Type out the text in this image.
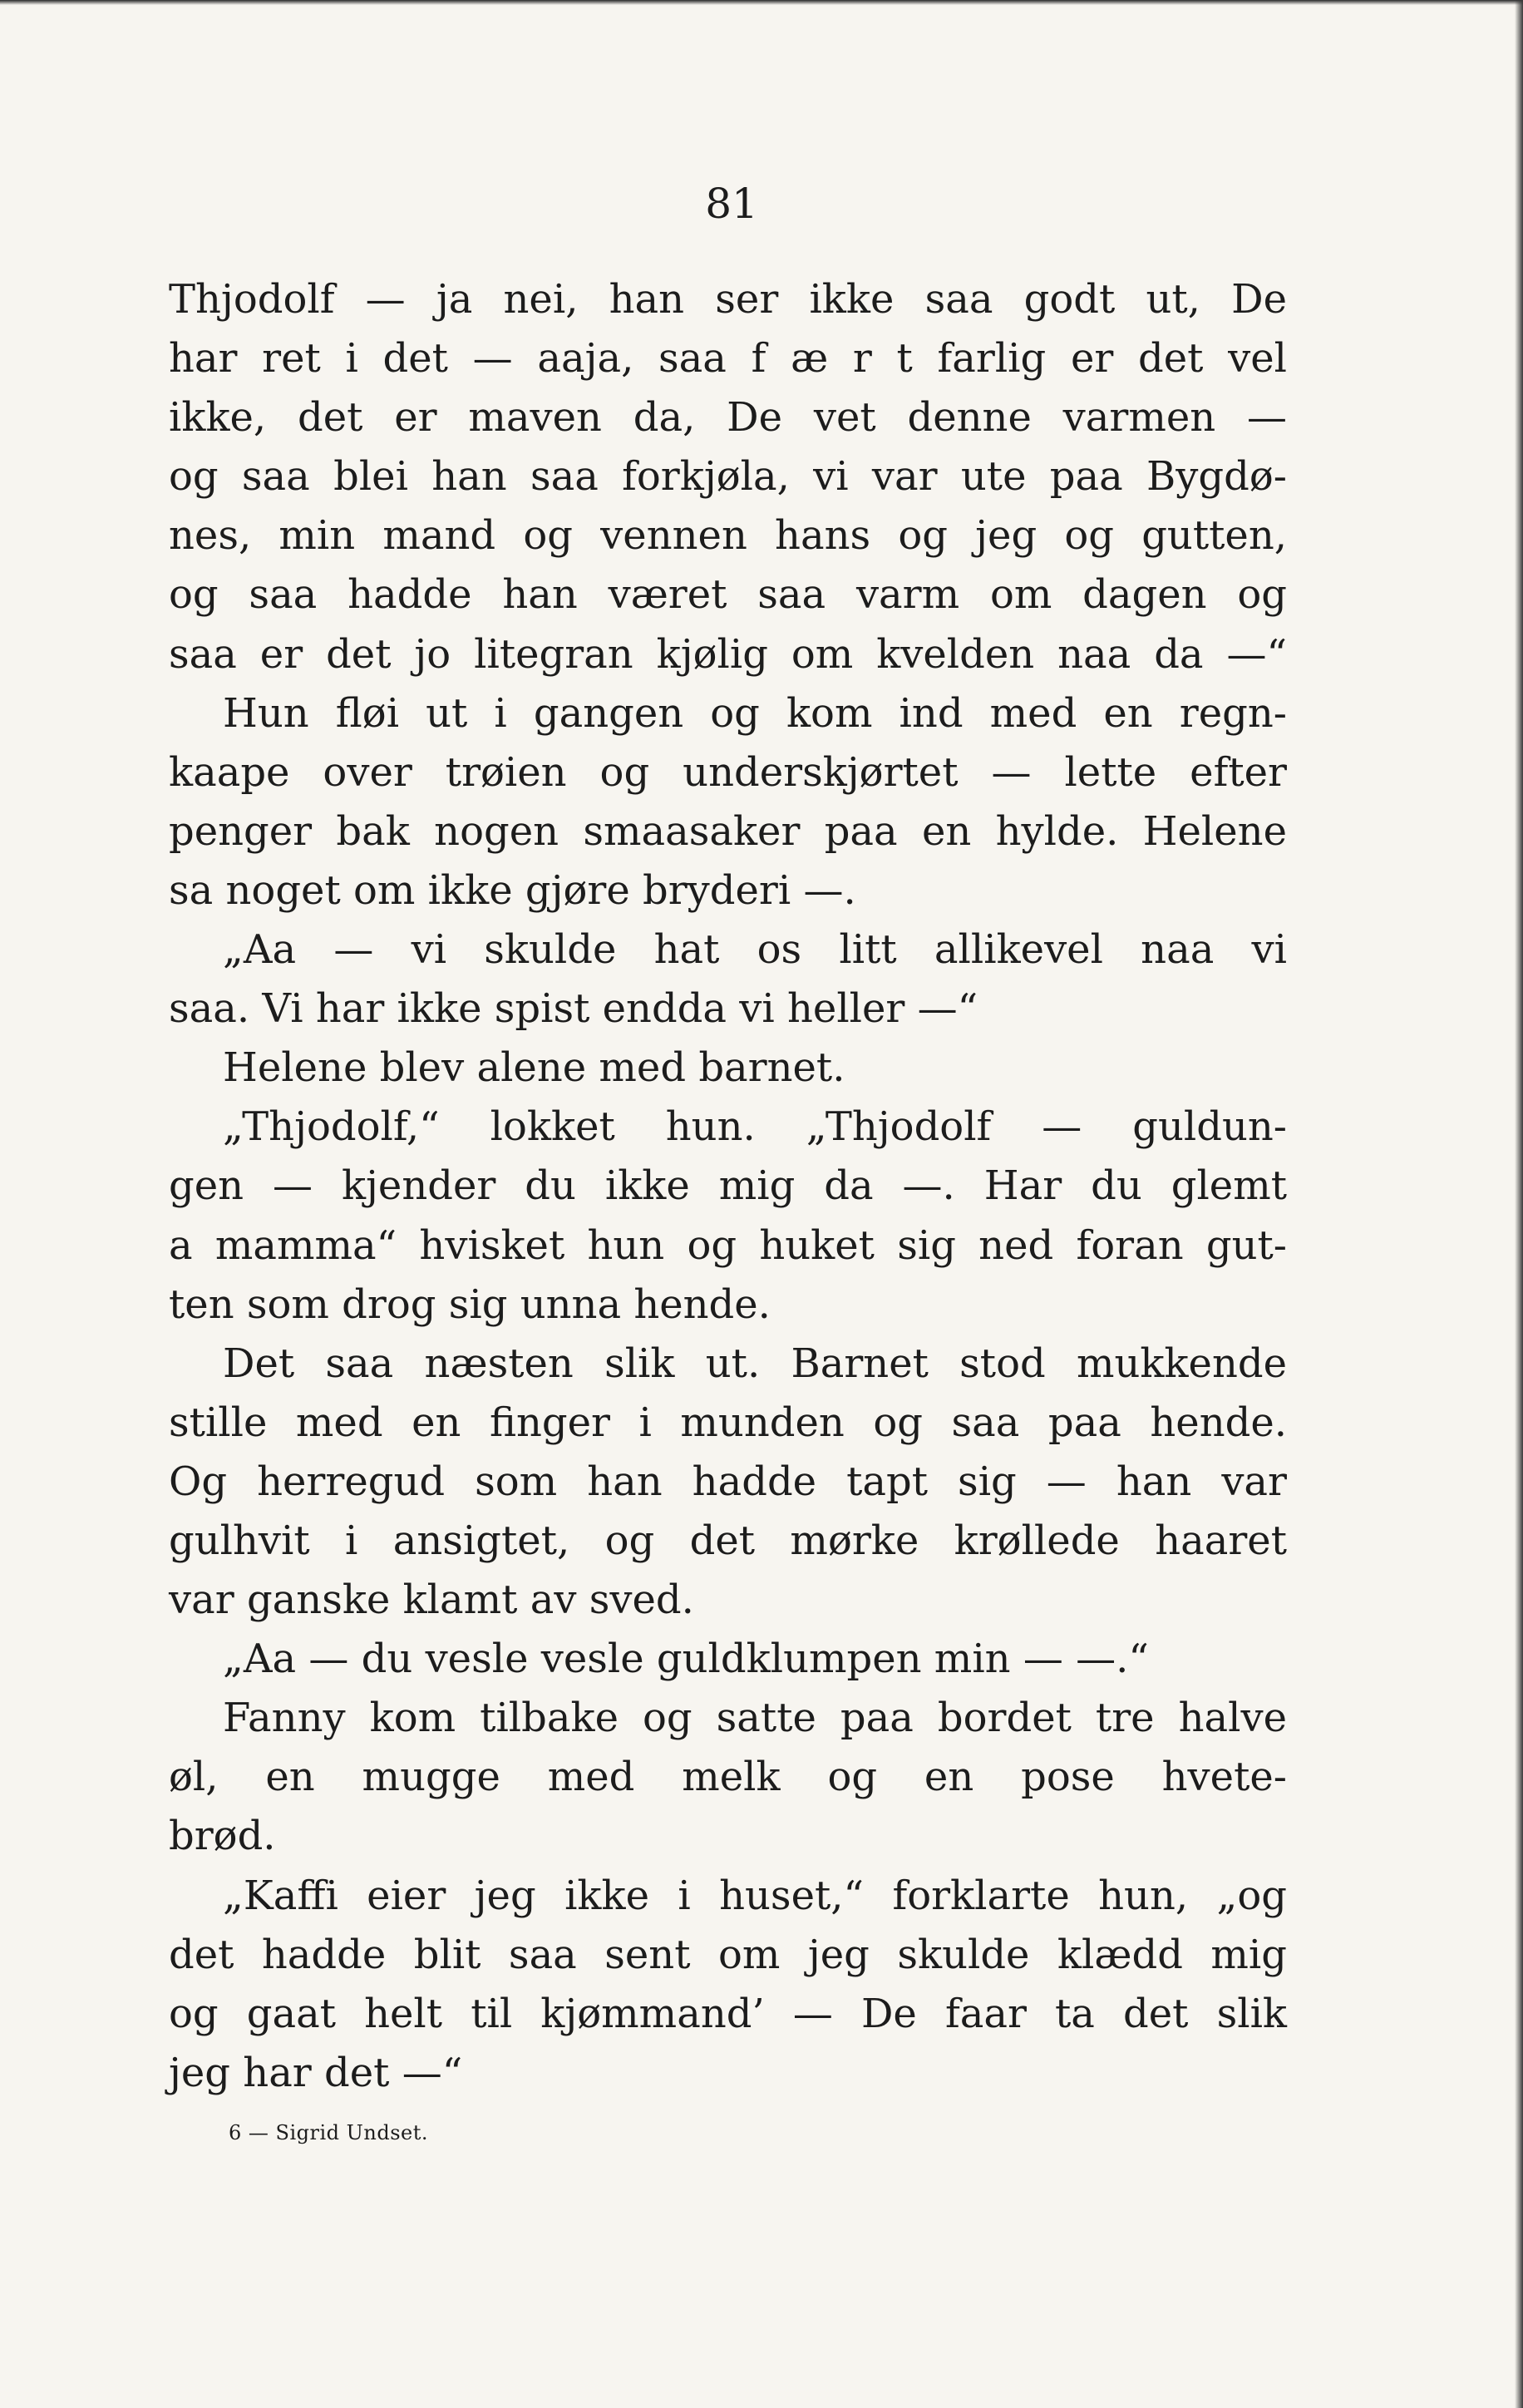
81
Thjodolf — ja nei, han ser ikke saa godt ut, De
har ret i det — aaja, saa f æ r t farlig er det vel
ikke, det er maven da, De vet denne varmen —
og saa blei han saa forkjøla, vi var ute paa Bygdø-
nes, min mand og vennen hans og jeg og gutten,
og saa hadde han været saa varm om dagen og
saa er det jo litegran kjølig om kvelden naa da —“
Hun fløi ut i gangen og kom ind med en regn-
kaape over trøien og underskjørtet — lette efter
penger bak nogen smaasaker paa en hylde. Helene
sa noget om ikke gjøre bryderi —.
„Aa — vi skulde hat os litt allikevel naa vi
saa. Vi har ikke spist endda vi heller —“
Helene blev alene med barnet.
„Thjodolf,“ lokket hun. „Thjodolf — guldun-
gen — kjender du ikke mig da —. Har du glemt
a mamma“ hvisket hun og huket sig ned foran gut-
ten som drog sig unna hende.
Det saa næsten slik ut. Barnet stod mukkende
stille med en finger i munden og saa paa hende.
Og herregud som han hadde tapt sig — han var
gulhvit i ansigtet, og det mørke krøllede haaret
var ganske klamt av sved.
„Aa — du vesle vesle guldklumpen min — —.“
Fanny kom tilbake og satte paa bordet tre halve
øl, en mugge med melk og en pose hvete-
brød.
„Kaffi eier jeg ikke i huset,“ forklarte hun, „og
det hadde blit saa sent om jeg skulde klædd mig
og gaat helt til kjømmand’ — De faar ta det slik
jeg har det —“
6 — Sigrid Undset.
